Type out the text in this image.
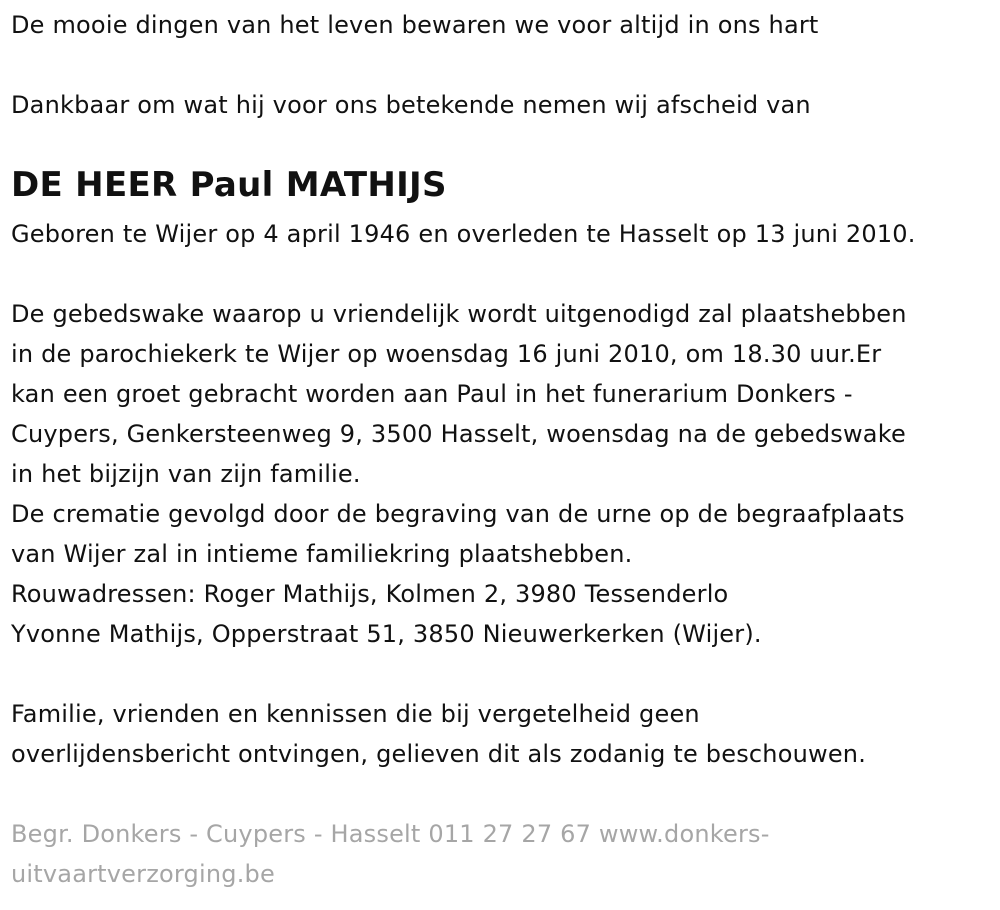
De mooie dingen van het leven bewaren we voor altijd in ons hart
Dankbaar om wat hij voor ons betekende nemen wij afscheid van
DE HEER Paul MATHIJS
Geboren te Wijer op 4 april 1946 en overleden te Hasselt op 13 juni 2010.
De gebedswake waarop u vriendelijk wordt uitgenodigd zal plaatshebben
in de parochiekerk te Wijer op woensdag 16 juni 2010, om 18.30 uur.Er
kan een groet gebracht worden aan Paul in het funerarium Donkers -
Cuypers, Genkersteenweg 9, 3500 Hasselt, woensdag na de gebedswake
in het bijzijn van zijn familie.
De crematie gevolgd door de begraving van de urne op de begraafplaats
van Wijer zal in intieme familiekring plaatshebben.
Rouwadressen: Roger Mathijs, Kolmen 2, 3980 Tessenderlo
Yvonne Mathijs, Opperstraat 51, 3850 Nieuwerkerken (Wijer).
Familie, vrienden en kennissen die bij vergetelheid geen
overlijdensbericht ontvingen, gelieven dit als zodanig te beschouwen.
Begr. Donkers - Cuypers - Hasselt 011 27 27 67 www.donkers-
uitvaartverzorging.be
